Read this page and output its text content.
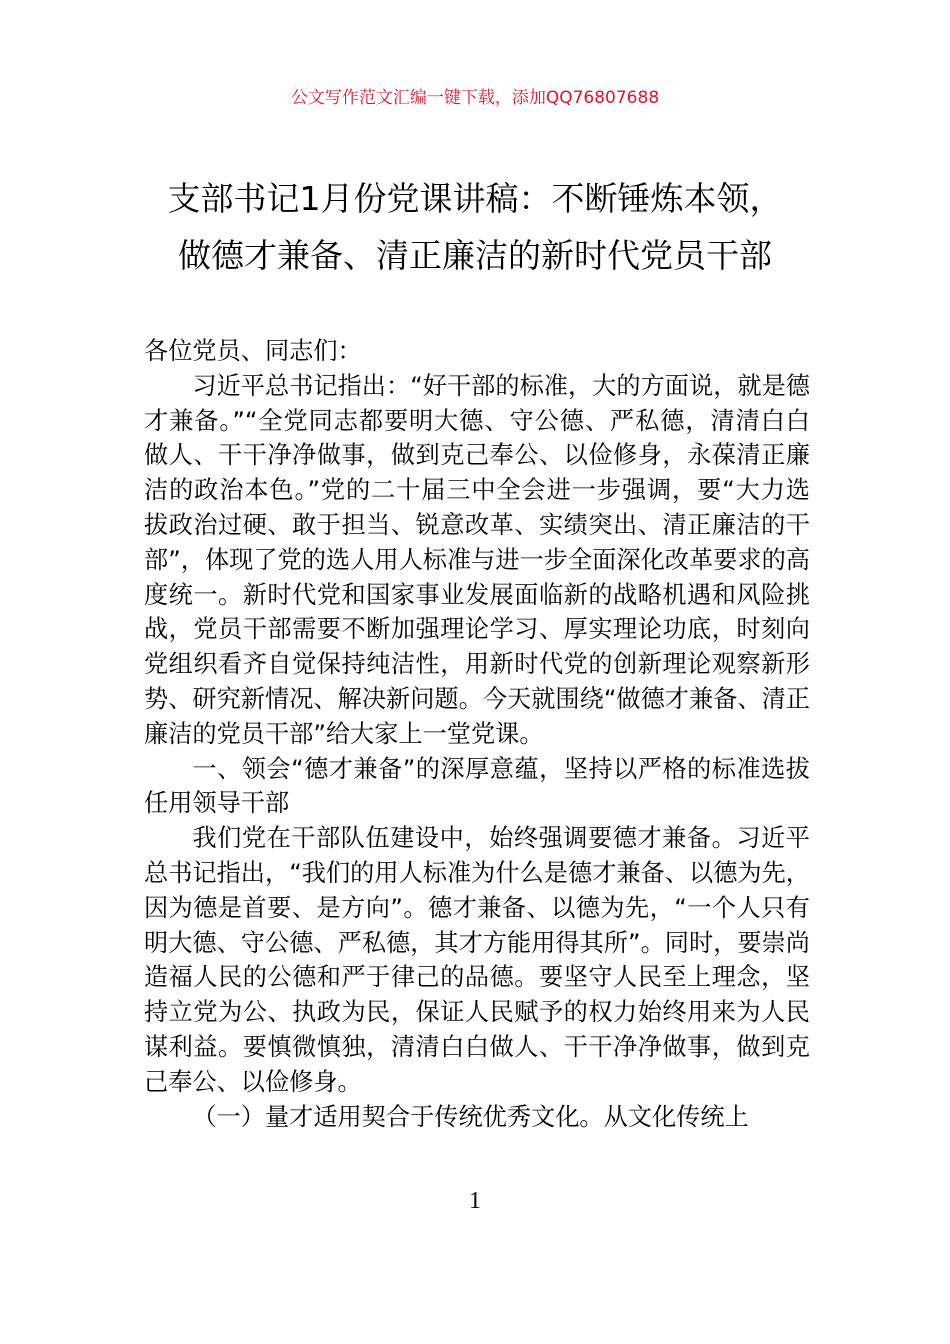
公文写作范文汇编一键下载，添加QQ76807688
支部书记1月份党课讲稿：不断锤炼本领，
做德才兼备、清正廉洁的新时代党员干部

各位党员、同志们：

习近平总书记指出：“好干部的标准，大的方面说，就是德才兼备。”“全党同志都要明大德、守公德、严私德，清清白白做人、干干净净做事，做到克己奉公、以俭修身，永葆清正廉洁的政治本色。”党的二十届三中全会进一步强调，要“大力选拔政治过硬、敢于担当、锐意改革、实绩突出、清正廉洁的干部”，体现了党的选人用人标准与进一步全面深化改革要求的高度统一。新时代党和国家事业发展面临新的战略机遇和风险挑战，党员干部需要不断加强理论学习、厚实理论功底，时刻向党组织看齐自觉保持纯洁性，用新时代党的创新理论观察新形势、研究新情况、解决新问题。今天就围绕“做德才兼备、清正廉洁的党员干部”给大家上一堂党课。

一、领会“德才兼备”的深厚意蕴，坚持以严格的标准选拔任用领导干部

我们党在干部队伍建设中，始终强调要德才兼备。习近平总书记指出，“我们的用人标准为什么是德才兼备、以德为先，因为德是首要、是方向”。德才兼备、以德为先，“一个人只有明大德、守公德、严私德，其才方能用得其所”。同时，要崇尚造福人民的公德和严于律己的品德。要坚守人民至上理念，坚持立党为公、执政为民，保证人民赋予的权力始终用来为人民谋利益。要慎微慎独，清清白白做人、干干净净做事，做到克己奉公、以俭修身。

（一）量才适用契合于传统优秀文化。从文化传统上

1
